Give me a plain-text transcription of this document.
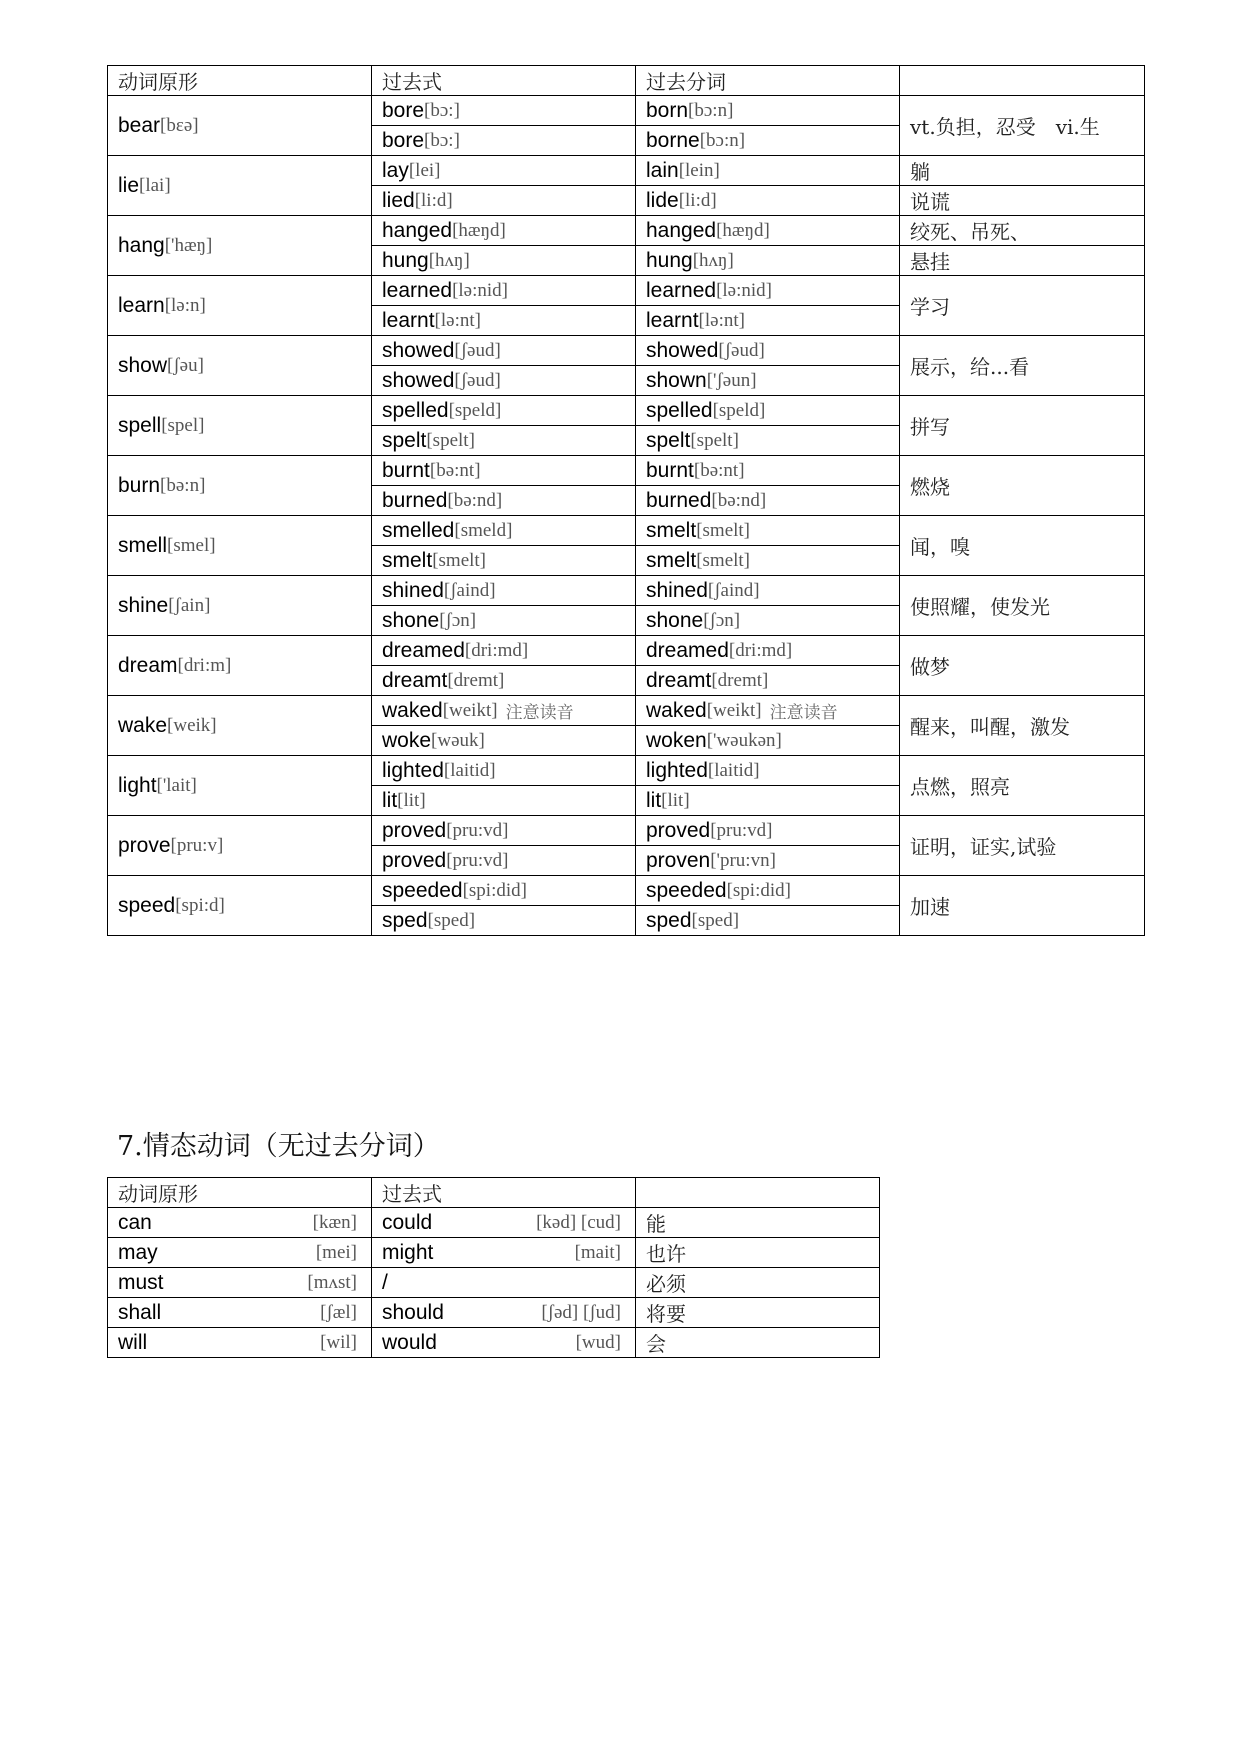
动词原形	过去式	过去分词	

bear [bɛə]	bore [bɔ:]	born [bɔ:n]	vt.负担，忍受　vi.生

	bore [bɔ:]	borne [bɔ:n]	

lie [lai]	lay [lei]	lain [lein]	躺

	lied [li:d]	lide [li:d]	说谎

hang ['hæŋ]	hanged [hæŋd]	hanged [hæŋd]	绞死、吊死、

	hung [hʌŋ]	hung [hʌŋ]	悬挂

learn [lə:n]	learned [lə:nid]	learned [lə:nid]	学习

	learnt [lə:nt]	learnt [lə:nt]	

show [ʃəu]	showed [ʃəud]	showed [ʃəud]	展示，给...看

	showed [ʃəud]	shown ['ʃəun]	

spell [spel]	spelled [speld]	spelled [speld]	拼写

	spelt [spelt]	spelt [spelt]	

burn [bə:n]	burnt [bə:nt]	burnt [bə:nt]	燃烧

	burned [bə:nd]	burned [bə:nd]	

smell [smel]	smelled [smeld]	smelt [smelt]	闻，嗅

	smelt [smelt]	smelt [smelt]	

shine [ʃain]	shined [ʃaind]	shined [ʃaind]	使照耀，使发光

	shone [ʃɔn]	shone [ʃɔn]	

dream [dri:m]	dreamed [dri:md]	dreamed [dri:md]	做梦

	dreamt [dremt]	dreamt [dremt]	

wake [weik]	waked [weikt] 注意读音	waked [weikt] 注意读音	醒来，叫醒，激发

	woke [wəuk]	woken ['wəukən]	

light ['lait]	lighted [laitid]	lighted [laitid]	点燃，照亮

	lit [lit]	lit [lit]	

prove [pru:v]	proved [pru:vd]	proved [pru:vd]	证明，证实,试验

	proved [pru:vd]	proven ['pru:vn]	

speed [spi:d]	speeded [spi:did]	speeded [spi:did]	加速

	sped [sped]	sped [sped]	
7.情态动词（无过去分词）
动词原形	过去式	

can [kæn]	could [kəd] [cud]	能

may [mei]	might [mait]	也许

must [mʌst]	/	必须

shall [ʃæl]	should [ʃəd] [ʃud]	将要

will [wil]	would [wud]	会
